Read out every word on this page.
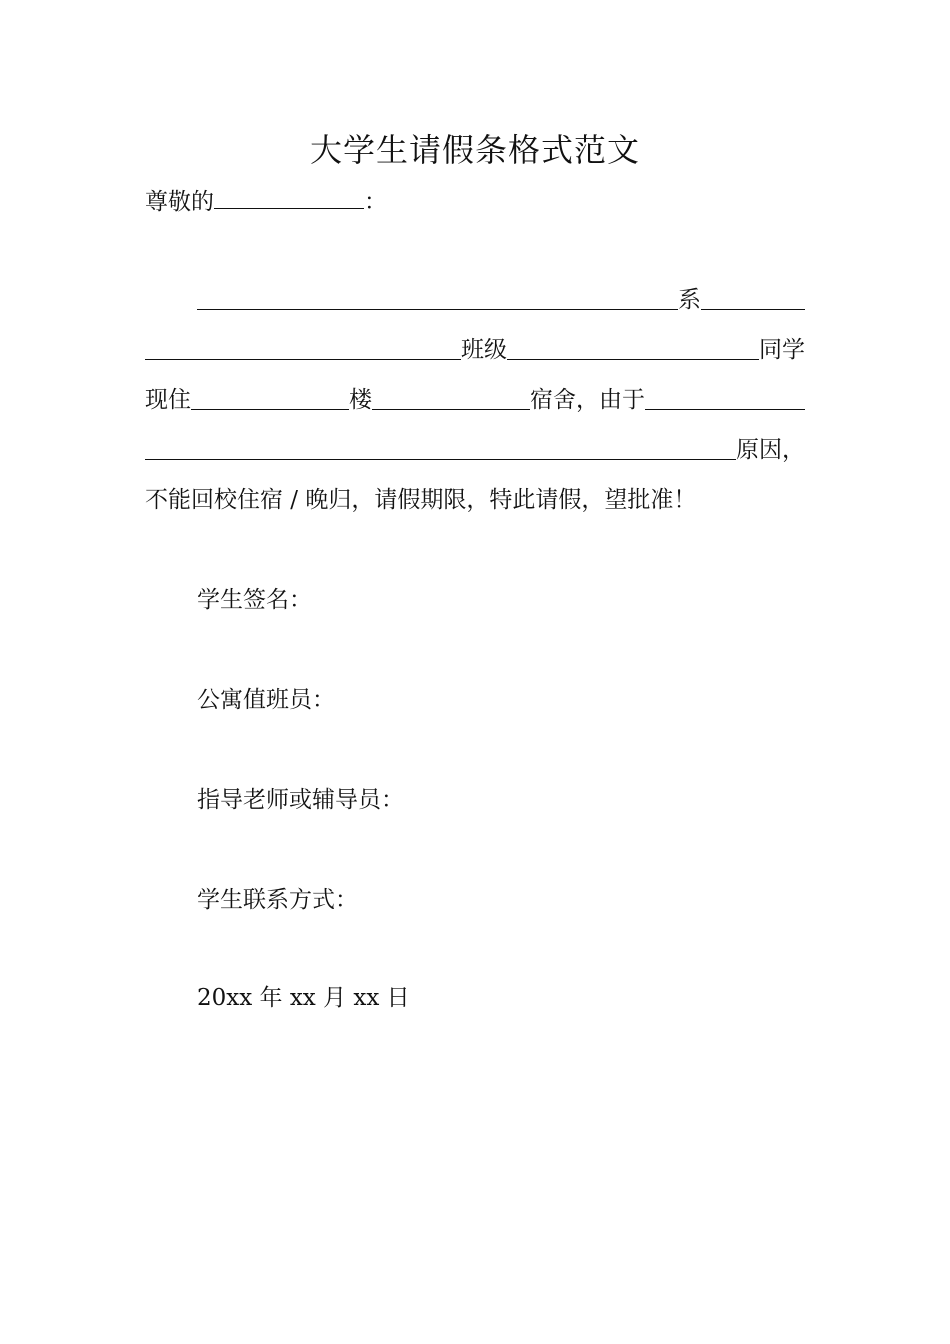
大学生请假条格式范文
尊敬的	：
系
班级	同学
现住	楼	宿舍，由于
原因，
不能回校住宿 / 晚归，请假期限，特此请假，望批准！
学生签名：
公寓值班员：
指导老师或辅导员：
学生联系方式：
20xx 年 xx 月 xx 日
